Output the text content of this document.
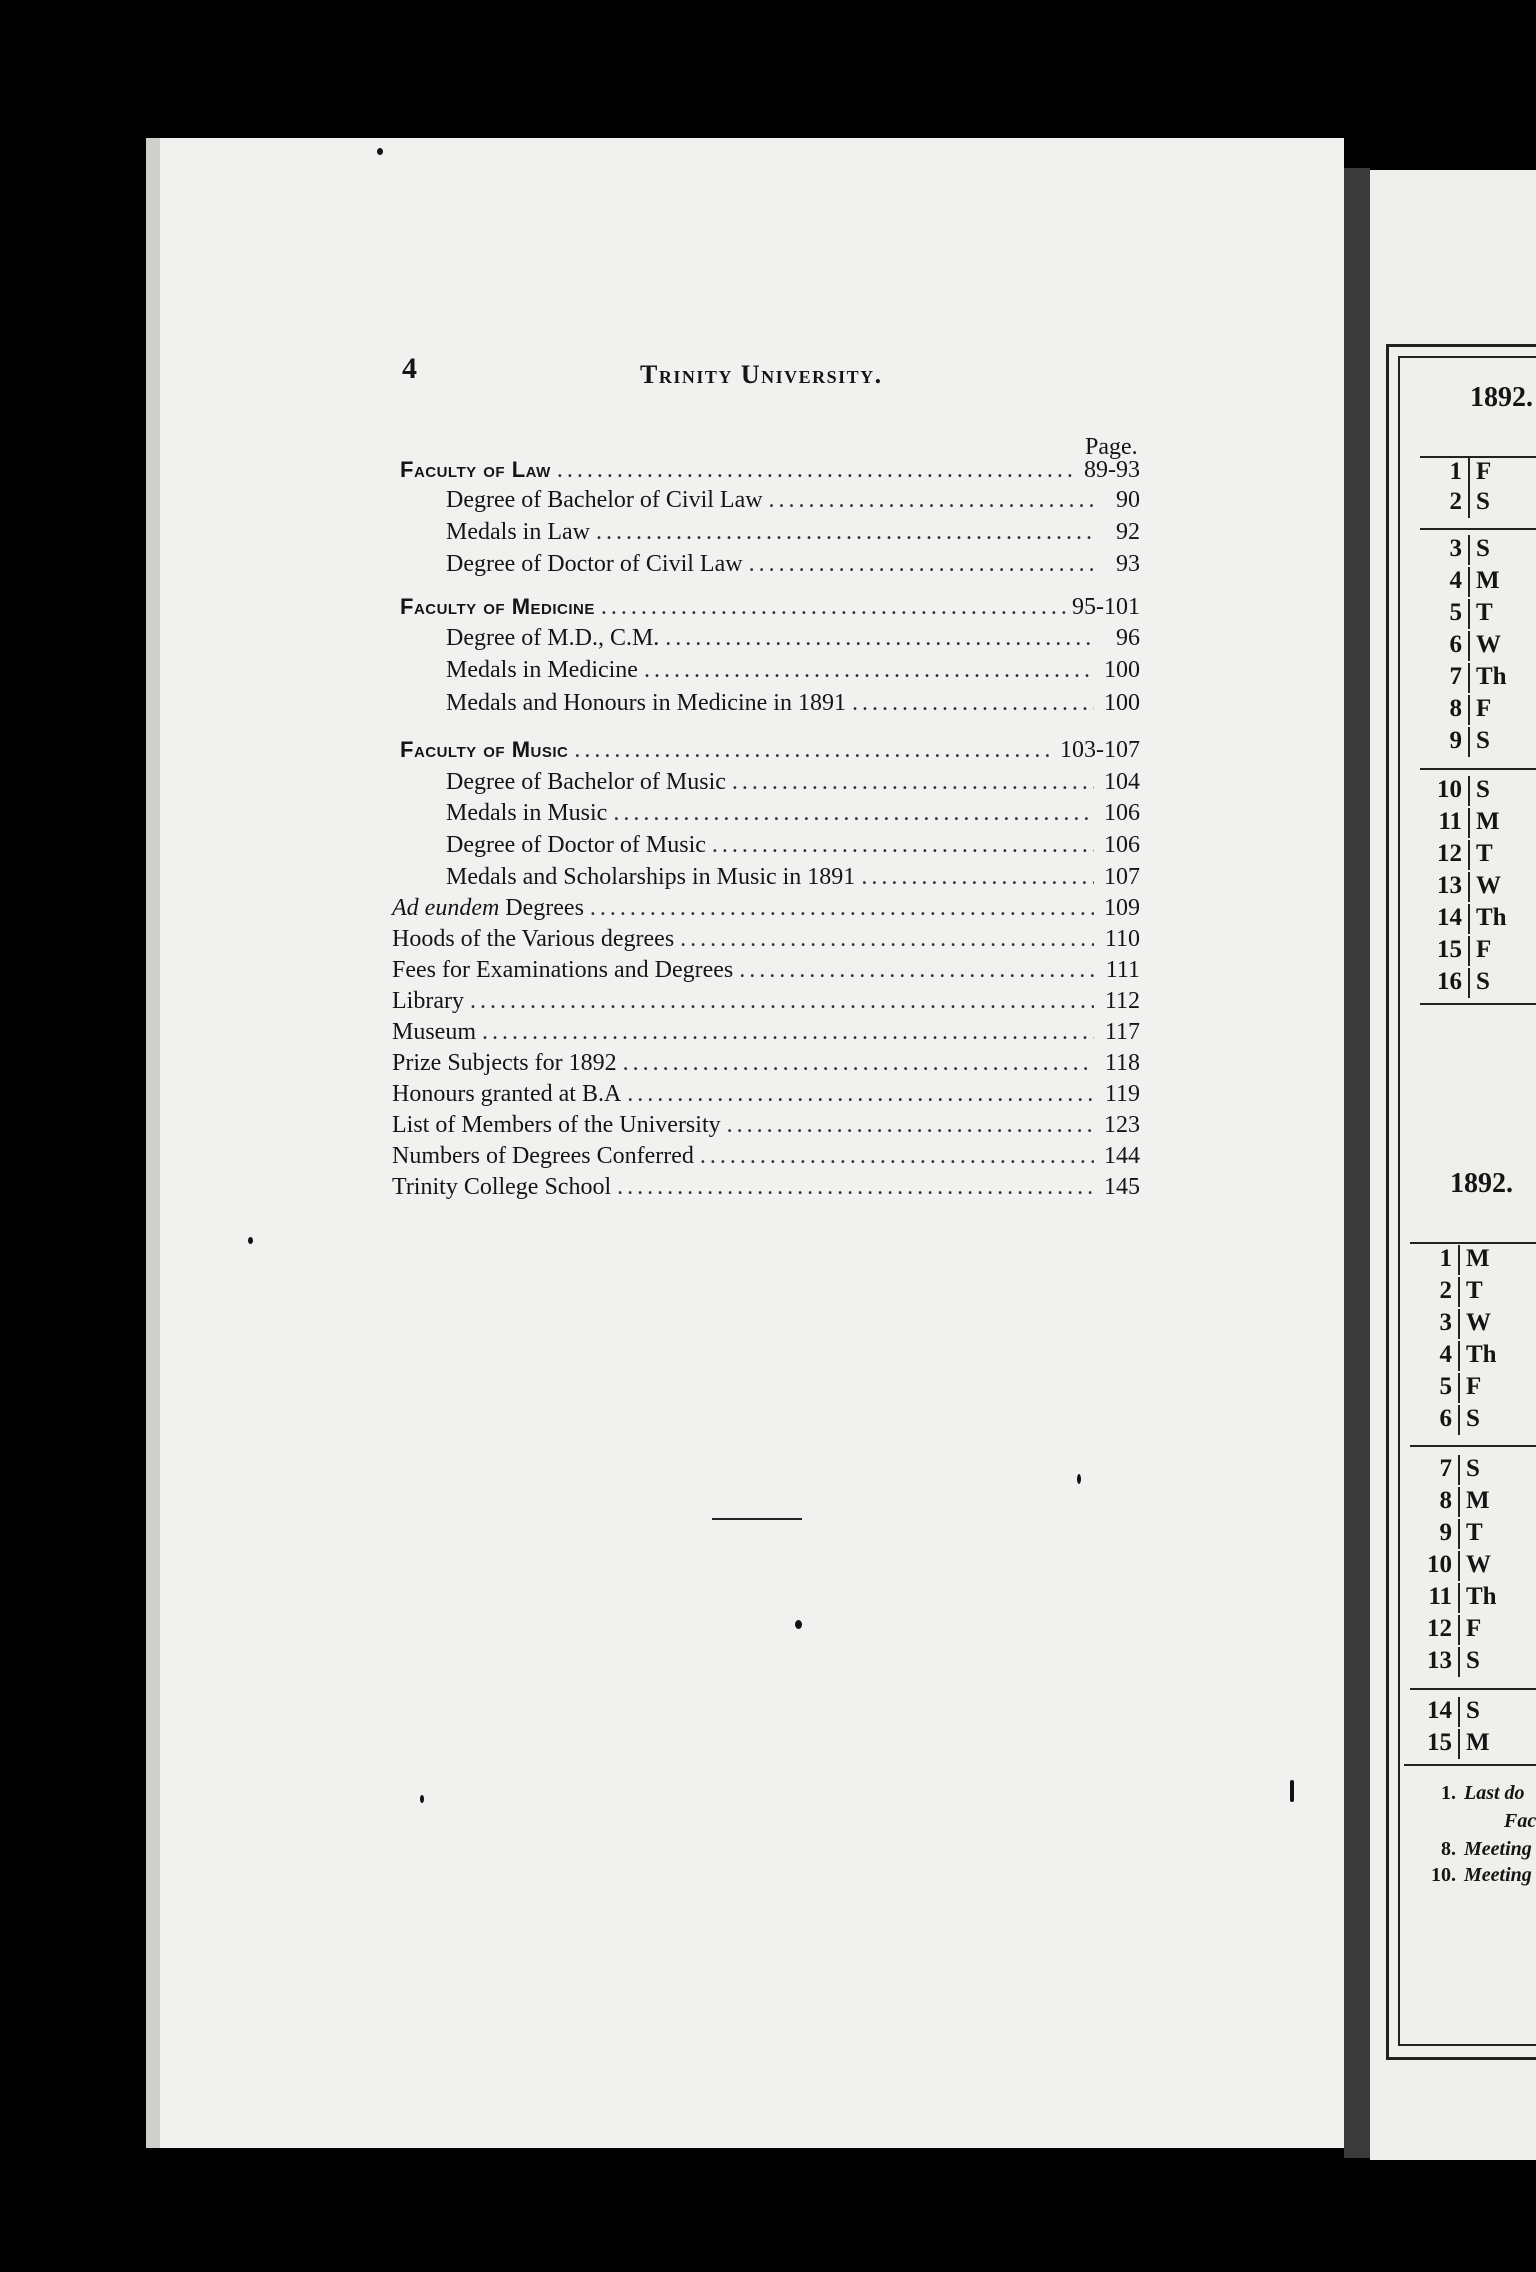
4	Trinity University.
Page.
Faculty of Law .....	89-93
Degree of Bachelor of Civil Law .....	90
Medals in Law .....	92
Degree of Doctor of Civil Law .....	93
Faculty of Medicine .....	95-101
Degree of M.D., C.M. .....	96
Medals in Medicine .....	100
Medals and Honours in Medicine in 1891 .....	100
Faculty of Music .....	103-107
Degree of Bachelor of Music .....	104
Medals in Music .....	106
Degree of Doctor of Music .....	106
Medals and Scholarships in Music in 1891 .....	107
Ad eundem Degrees .....	109
Hoods of the Various degrees .....	110
Fees for Examinations and Degrees .....	111
Library .....	112
Museum .....	117
Prize Subjects for 1892 .....	118
Honours granted at B.A .....	119
List of Members of the University .....	123
Numbers of Degrees Conferred .....	144
Trinity College School .....	145
1892.
1 F
2 S
3 S
4 M
5 T
6 W
7 Th
8 F
9 S
10 S
11 M
12 T
13 W
14 Th
15 F
16 S
1892.
1 M
2 T
3 W
4 Th
5 F
6 S
7 S
8 M
9 T
10 W
11 Th
12 F
13 S
14 S
15 M
1. Last do
Fac
8. Meeting
10. Meeting
